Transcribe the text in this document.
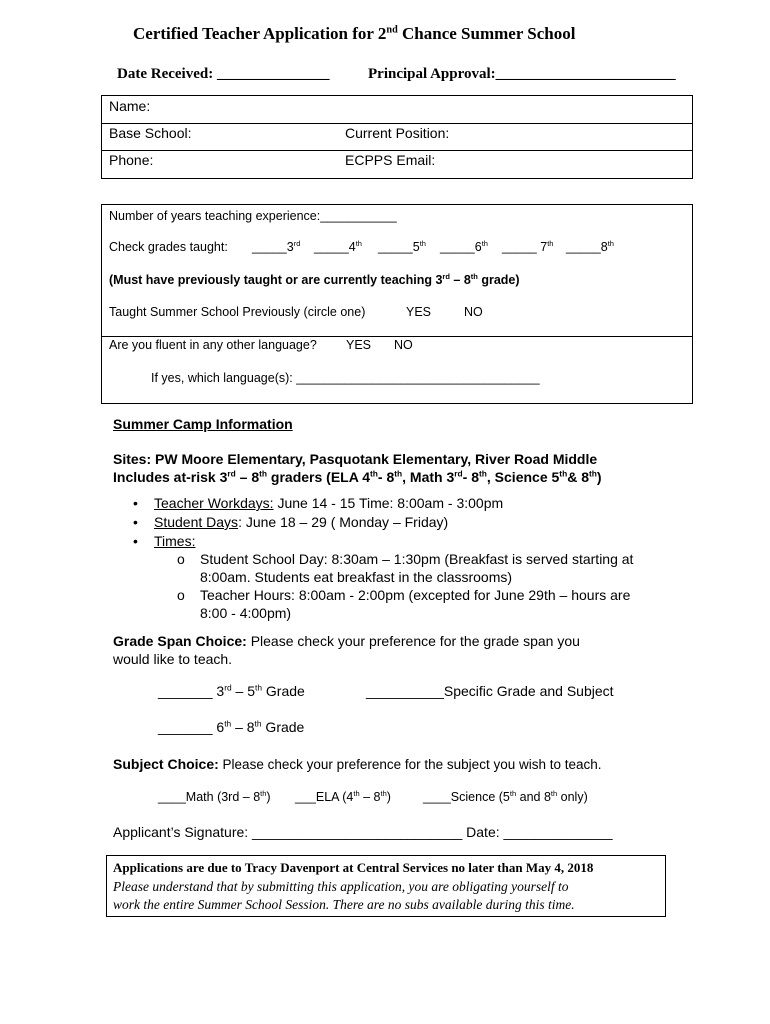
Certified Teacher Application for 2nd Chance Summer School
Date Received: _______________	Principal Approval:________________________
Name:
Base School:	Current Position:
Phone:	ECPPS Email:
Number of years teaching experience:___________
Check grades taught: _____3rd _____4th _____5th _____6th _____ 7th _____8th
(Must have previously taught or are currently teaching 3rd – 8th grade)
Taught Summer School Previously (circle one)	YES	NO
Are you fluent in any other language? YES NO
If yes, which language(s): ___________________________________
Summer Camp Information
Sites: PW Moore Elementary, Pasquotank Elementary, River Road Middle
Includes at-risk 3rd – 8th graders (ELA 4th- 8th, Math 3rd- 8th, Science 5th& 8th)
• Teacher Workdays: June 14 - 15 Time: 8:00am - 3:00pm
• Student Days: June 18 – 29 ( Monday – Friday)
• Times:
o Student School Day: 8:30am – 1:30pm (Breakfast is served starting at
8:00am. Students eat breakfast in the classrooms)
o Teacher Hours: 8:00am - 2:00pm (excepted for June 29th – hours are
8:00 - 4:00pm)
Grade Span Choice: Please check your preference for the grade span you
would like to teach.
_______ 3rd – 5th Grade	__________Specific Grade and Subject
_______ 6th – 8th Grade
Subject Choice: Please check your preference for the subject you wish to teach.
____Math (3rd – 8th) ___ELA (4th – 8th)	____Science (5th and 8th only)
Applicant’s Signature: ___________________________ Date: ______________
Applications are due to Tracy Davenport at Central Services no later than May 4, 2018
Please understand that by submitting this application, you are obligating yourself to
work the entire Summer School Session. There are no subs available during this time.
